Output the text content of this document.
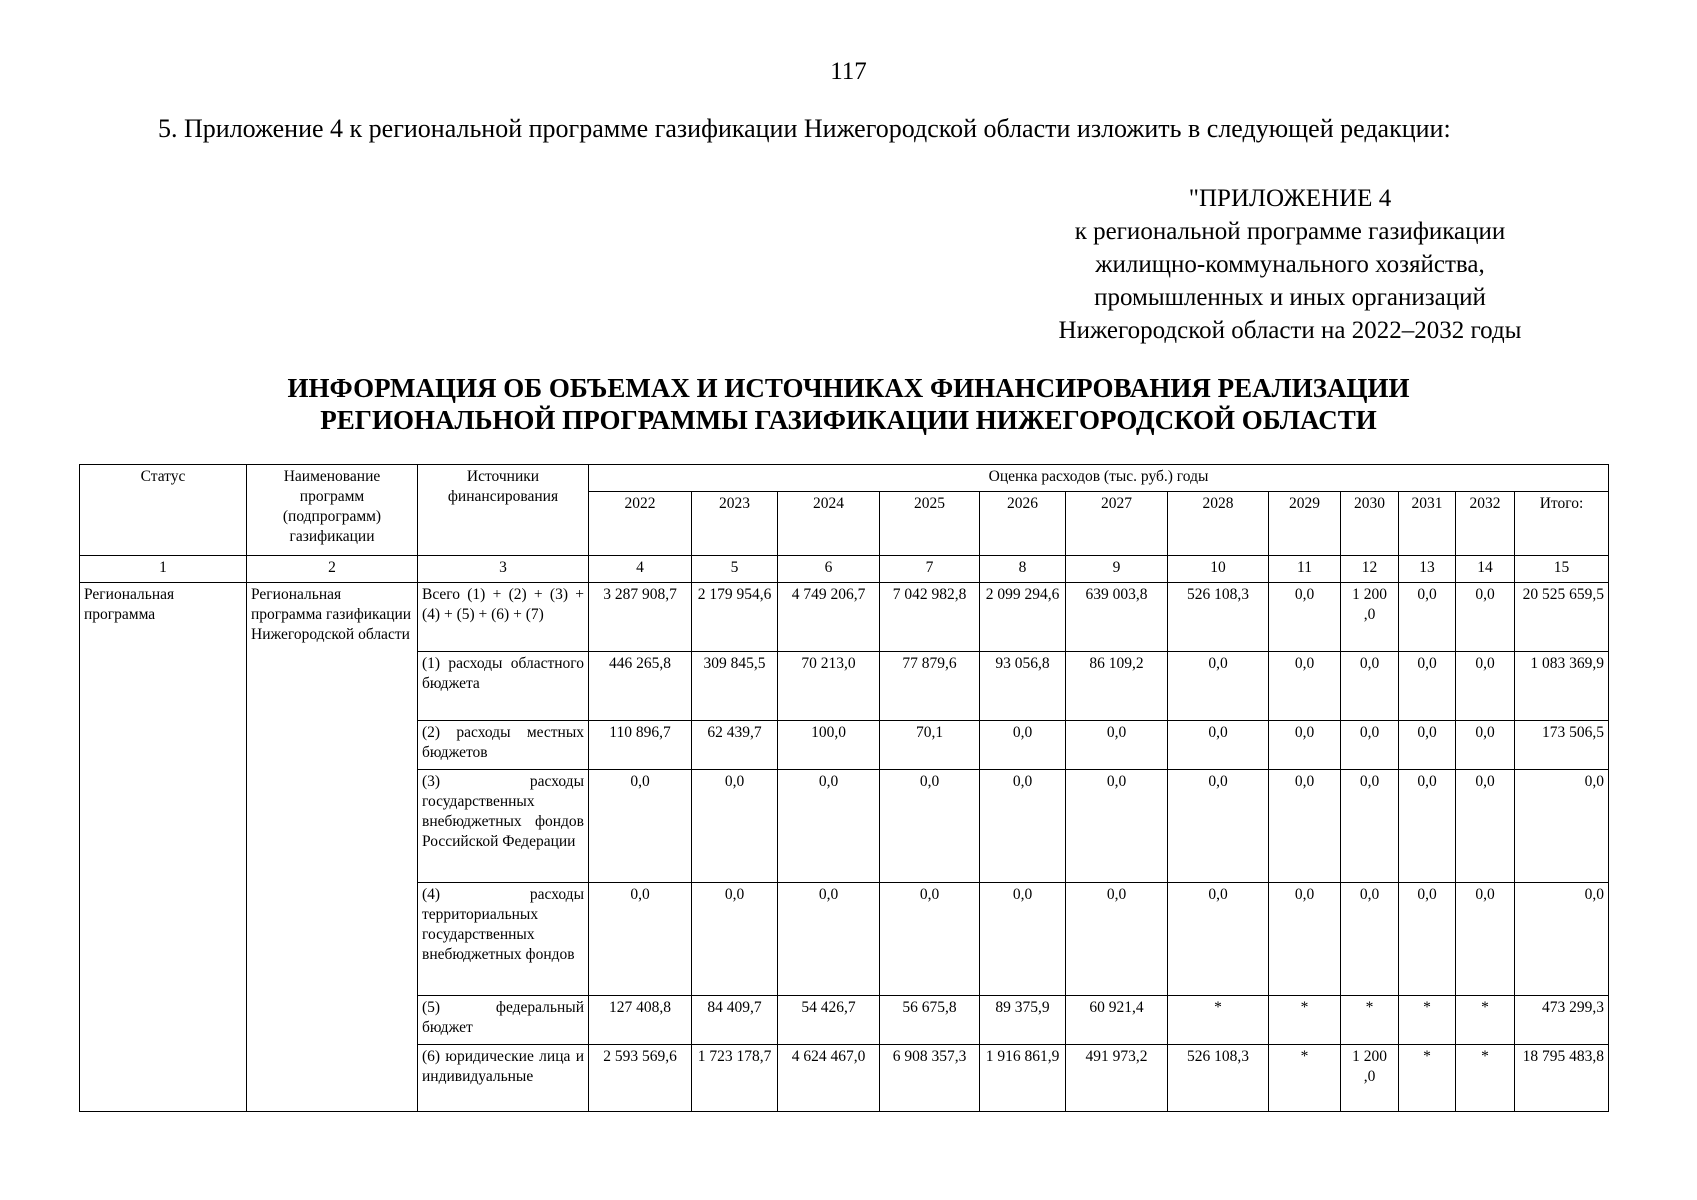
117
5. Приложение 4 к региональной программе газификации Нижегородской области изложить в следующей редакции:
"ПРИЛОЖЕНИЕ 4
к региональной программе газификации
жилищно-коммунального хозяйства,
промышленных и иных организаций
Нижегородской области на 2022–2032 годы
ИНФОРМАЦИЯ ОБ ОБЪЕМАХ И ИСТОЧНИКАХ ФИНАНСИРОВАНИЯ РЕАЛИЗАЦИИ
РЕГИОНАЛЬНОЙ ПРОГРАММЫ ГАЗИФИКАЦИИ НИЖЕГОРОДСКОЙ ОБЛАСТИ
Статус	Наименование программ (подпрограмм) газификации	Источники финансирования	Оценка расходов (тыс. руб.) годы											
			2022	2023	2024	2025	2026	2027	2028	2029	2030	2031	2032	Итого:
1	2	3	4	5	6	7	8	9	10	11	12	13	14	15
Региональная программа	Региональная программа газификации Нижегородской области	Всего (1) + (2) + (3) + (4) + (5) + (6) + (7)	3 287 908,7	2 179 954,6	4 749 206,7	7 042 982,8	2 099 294,6	639 003,8	526 108,3	0,0	1 200 ,0	0,0	0,0	20 525 659,5
		(1) расходы областного бюджета	446 265,8	309 845,5	70 213,0	77 879,6	93 056,8	86 109,2	0,0	0,0	0,0	0,0	0,0	1 083 369,9
		(2) расходы местных бюджетов	110 896,7	62 439,7	100,0	70,1	0,0	0,0	0,0	0,0	0,0	0,0	0,0	173 506,5
		(3) расходы государственных внебюджетных фондов Российской Федерации	0,0	0,0	0,0	0,0	0,0	0,0	0,0	0,0	0,0	0,0	0,0	0,0
		(4) расходы территориальных государственных внебюджетных фондов	0,0	0,0	0,0	0,0	0,0	0,0	0,0	0,0	0,0	0,0	0,0	0,0
		(5) федеральный бюджет	127 408,8	84 409,7	54 426,7	56 675,8	89 375,9	60 921,4	*	*	*	*	*	473 299,3
		(6) юридические лица и индивидуальные	2 593 569,6	1 723 178,7	4 624 467,0	6 908 357,3	1 916 861,9	491 973,2	526 108,3	*	1 200 ,0	*	*	18 795 483,8
